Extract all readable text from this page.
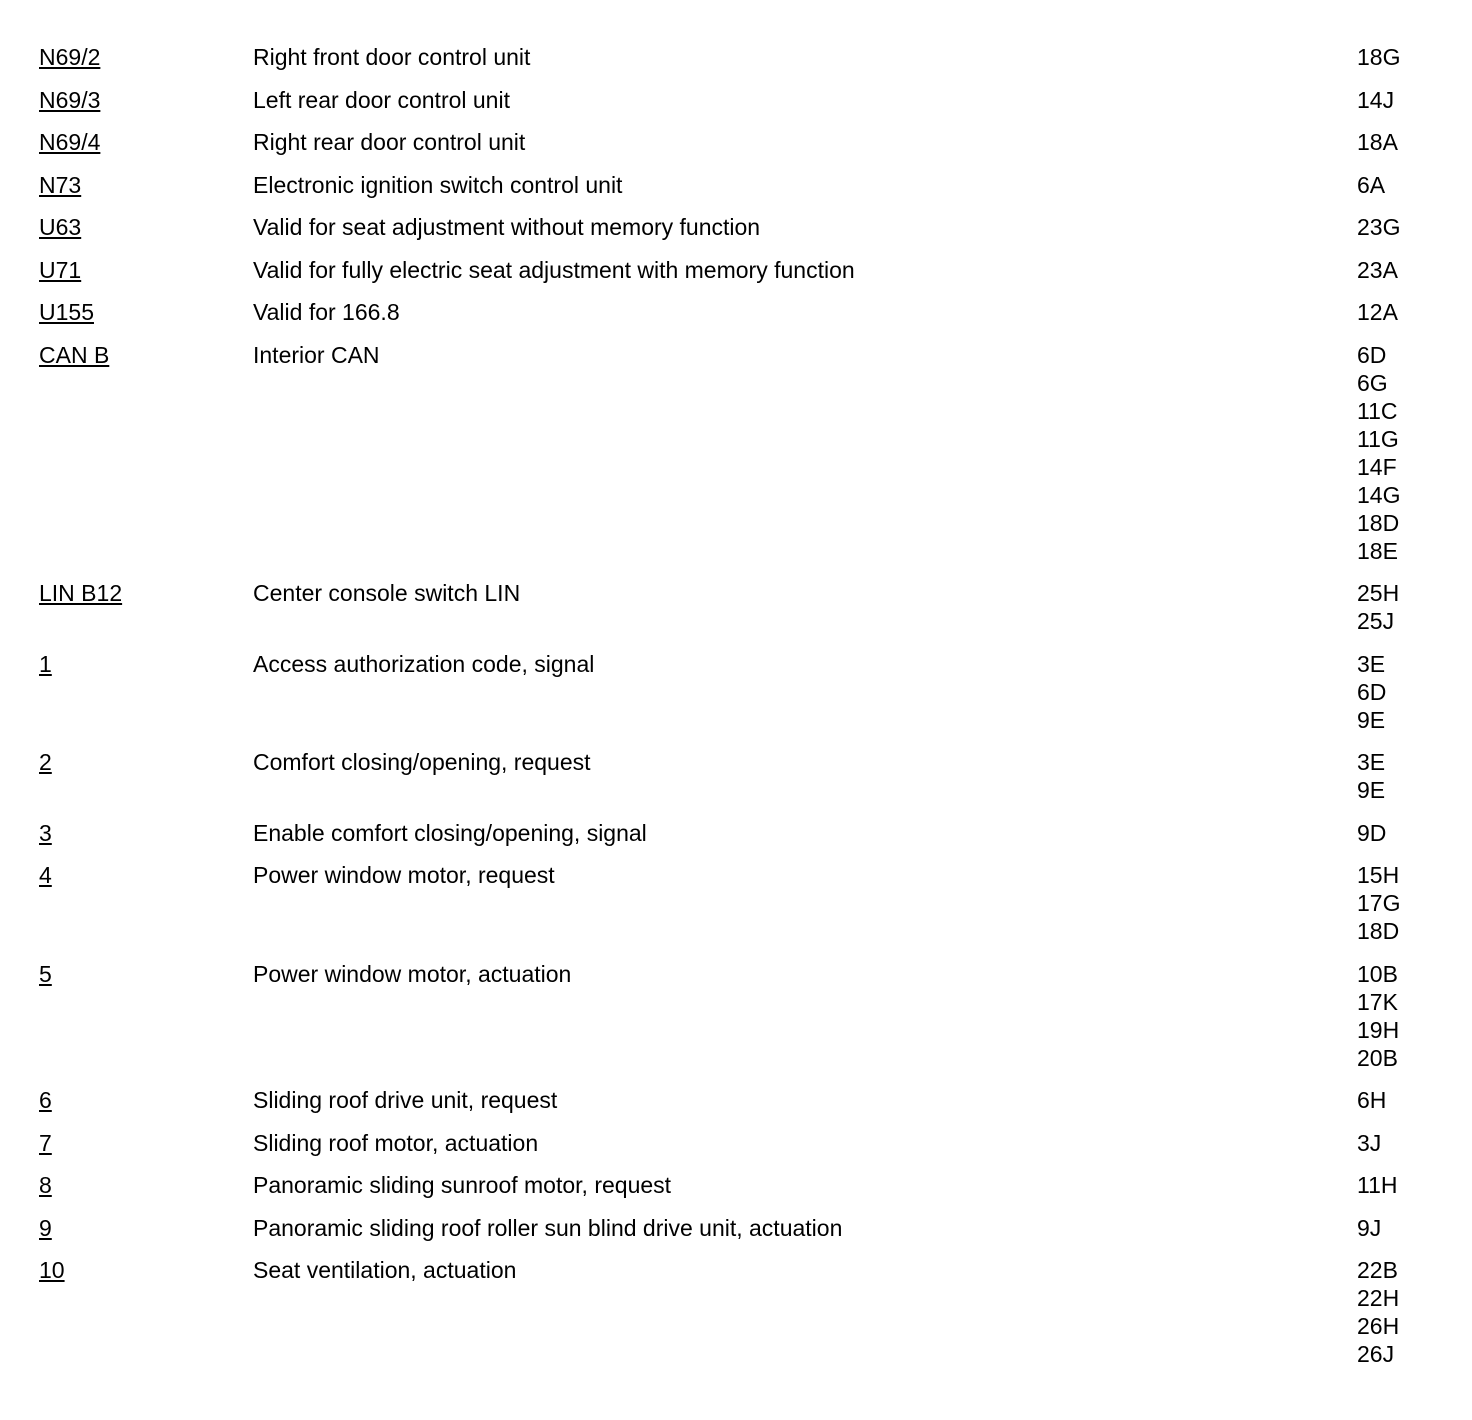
N69/2	Right front door control unit	18G
N69/3	Left rear door control unit	14J
N69/4	Right rear door control unit	18A
N73	Electronic ignition switch control unit	6A
U63	Valid for seat adjustment without memory function	23G
U71	Valid for fully electric seat adjustment with memory function	23A
U155	Valid for 166.8	12A
CAN B	Interior CAN	6D
6G
11C
11G
14F
14G
18D
18E
LIN B12	Center console switch LIN	25H
25J
1	Access authorization code, signal	3E
6D
9E
2	Comfort closing/opening, request	3E
9E
3	Enable comfort closing/opening, signal	9D
4	Power window motor, request	15H
17G
18D
5	Power window motor, actuation	10B
17K
19H
20B
6	Sliding roof drive unit, request	6H
7	Sliding roof motor, actuation	3J
8	Panoramic sliding sunroof motor, request	11H
9	Panoramic sliding roof roller sun blind drive unit, actuation	9J
10	Seat ventilation, actuation	22B
22H
26H
26J
